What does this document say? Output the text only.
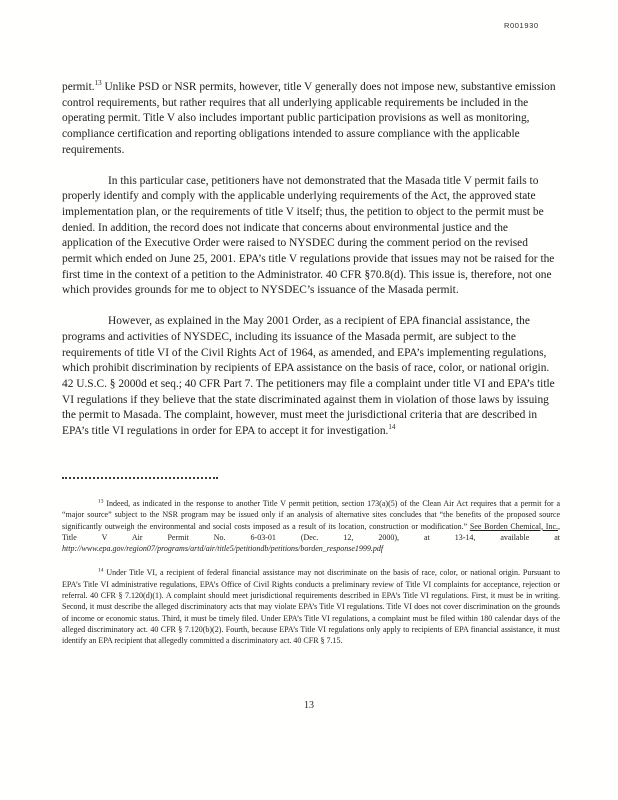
R001930

permit.$^{13}$ Unlike PSD or NSR permits, however, title V generally does not impose new, substantive emission control requirements, but rather requires that all underlying applicable requirements be included in the operating permit. Title V also includes important public participation provisions as well as monitoring, compliance certification and reporting obligations intended to assure compliance with the applicable requirements.

In this particular case, petitioners have not demonstrated that the Masada title V permit fails to properly identify and comply with the applicable underlying requirements of the Act, the approved state implementation plan, or the requirements of title V itself; thus, the petition to object to the permit must be denied. In addition, the record does not indicate that concerns about environmental justice and the application of the Executive Order were raised to NYSDEC during the comment period on the revised permit which ended on June 25, 2001. EPA’s title V regulations provide that issues may not be raised for the first time in the context of a petition to the Administrator. 40 CFR §70.8(d). This issue is, therefore, not one which provides grounds for me to object to NYSDEC’s issuance of the Masada permit.

However, as explained in the May 2001 Order, as a recipient of EPA financial assistance, the programs and activities of NYSDEC, including its issuance of the Masada permit, are subject to the requirements of title VI of the Civil Rights Act of 1964, as amended, and EPA’s implementing regulations, which prohibit discrimination by recipients of EPA assistance on the basis of race, color, or national origin. 42 U.S.C. § 2000d et seq.; 40 CFR Part 7. The petitioners may file a complaint under title VI and EPA’s title VI regulations if they believe that the state discriminated against them in violation of those laws by issuing the permit to Masada. The complaint, however, must meet the jurisdictional criteria that are described in EPA’s title VI regulations in order for EPA to accept it for investigation.$^{14}$

$^{13}$ Indeed, as indicated in the response to another Title V permit petition, section 173(a)(5) of the Clean Air Act requires that a permit for a “major source” subject to the NSR program may be issued only if an analysis of alternative sites concludes that “the benefits of the proposed source significantly outweigh the environmental and social costs imposed as a result of its location, construction or modification.” See Borden Chemical, Inc., Title V Air Permit No. 6-03-01 (Dec. 12, 2000), at 13-14, available at http://www.epa.gov/region07/programs/artd/air/title5/petitiondb/petitions/borden_response1999.pdf

$^{14}$ Under Title VI, a recipient of federal financial assistance may not discriminate on the basis of race, color, or national origin. Pursuant to EPA’s Title VI administrative regulations, EPA’s Office of Civil Rights conducts a preliminary review of Title VI complaints for acceptance, rejection or referral. 40 CFR § 7.120(d)(1). A complaint should meet jurisdictional requirements described in EPA’s Title VI regulations. First, it must be in writing. Second, it must describe the alleged discriminatory acts that may violate EPA’s Title VI regulations. Title VI does not cover discrimination on the grounds of income or economic status. Third, it must be timely filed. Under EPA’s Title VI regulations, a complaint must be filed within 180 calendar days of the alleged discriminatory act. 40 CFR § 7.120(b)(2). Fourth, because EPA’s Title VI regulations only apply to recipients of EPA financial assistance, it must identify an EPA recipient that allegedly committed a discriminatory act. 40 CFR § 7.15.

13
